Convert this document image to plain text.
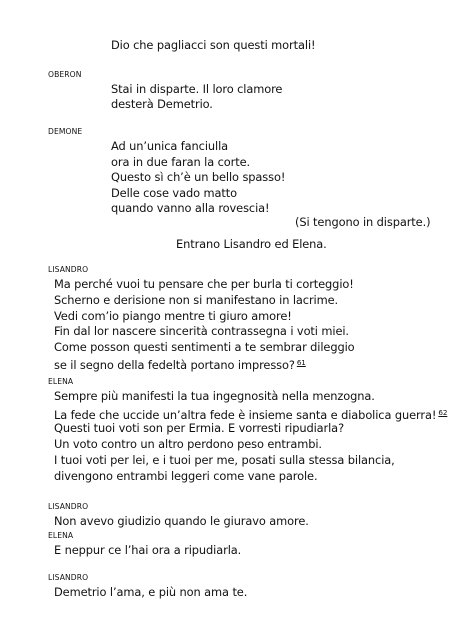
Dio che pagliacci son questi mortali!
OBERON
Stai in disparte. Il loro clamore
desterà Demetrio.
DEMONE
Ad un’unica fanciulla
ora in due faran la corte.
Questo sì ch’è un bello spasso!
Delle cose vado matto
quando vanno alla rovescia!
(Si tengono in disparte.)
Entrano Lisandro ed Elena.
LISANDRO
Ma perché vuoi tu pensare che per burla ti corteggio!
Scherno e derisione non si manifestano in lacrime.
Vedi com’io piango mentre ti giuro amore!
Fin dal lor nascere sincerità contrassegna i voti miei.
Come posson questi sentimenti a te sembrar dileggio
se il segno della fedeltà portano impresso? $^{61}$
ELENA
Sempre più manifesti la tua ingegnosità nella menzogna.
La fede che uccide un’altra fede è insieme santa e diabolica guerra! $^{62}$
Questi tuoi voti son per Ermia. E vorresti ripudiarla?
Un voto contro un altro perdono peso entrambi.
I tuoi voti per lei, e i tuoi per me, posati sulla stessa bilancia,
divengono entrambi leggeri come vane parole.
LISANDRO
Non avevo giudizio quando le giuravo amore.
ELENA
E neppur ce l’hai ora a ripudiarla.
LISANDRO
Demetrio l’ama, e più non ama te.
